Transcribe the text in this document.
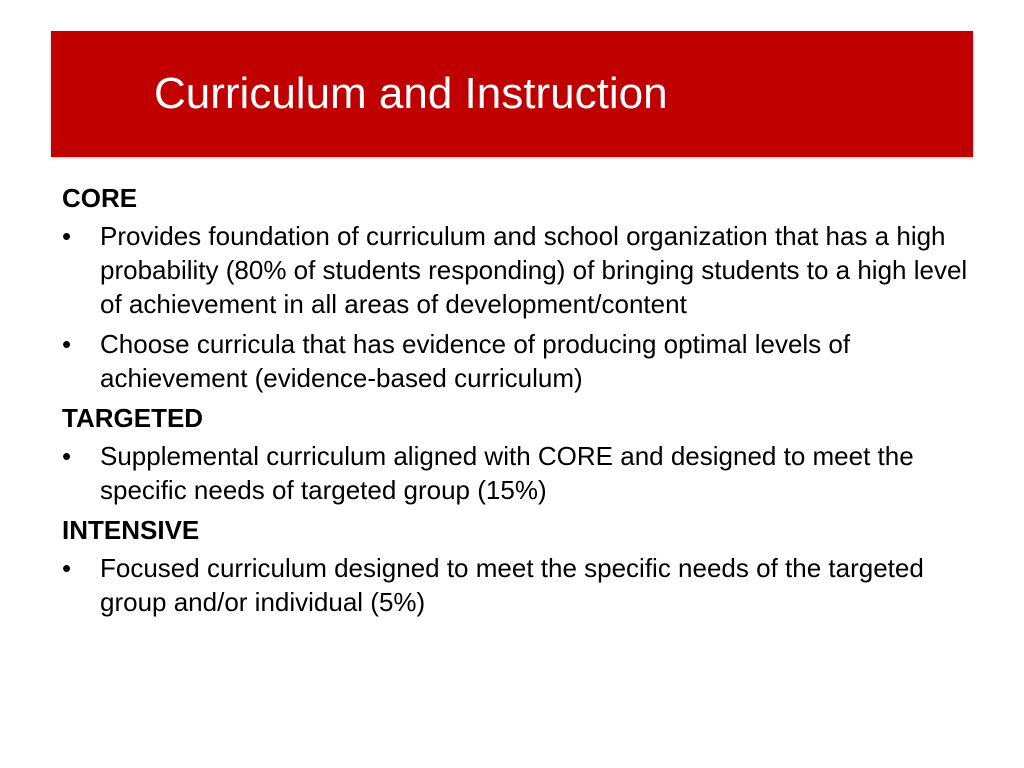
Curriculum and Instruction
CORE
•	Provides foundation of curriculum and school organization that has a high probability (80% of students responding) of bringing students to a high level of achievement in all areas of development/content
•	Choose curricula that has evidence of producing optimal levels of achievement (evidence-based curriculum)
TARGETED
•	Supplemental curriculum aligned with CORE and designed to meet the specific needs of targeted group (15%)
INTENSIVE
•	Focused curriculum designed to meet the specific needs of the targeted group and/or individual (5%)
